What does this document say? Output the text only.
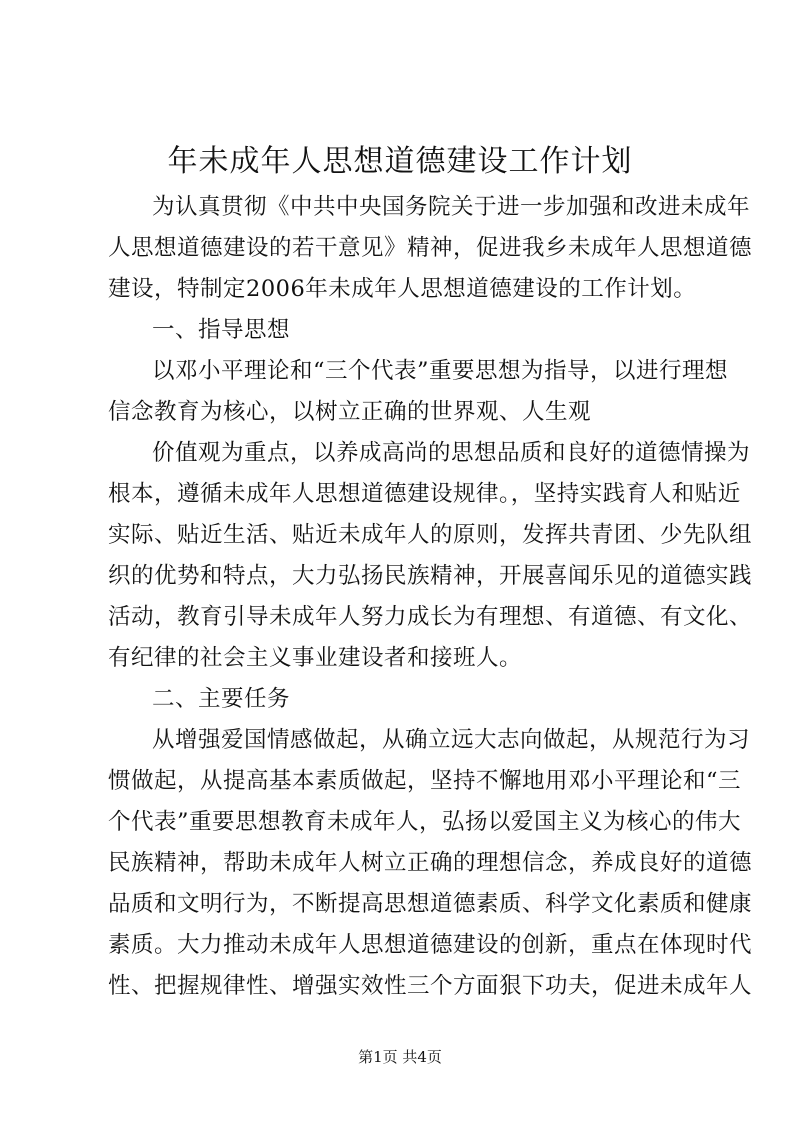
年未成年人思想道德建设工作计划
为认真贯彻《中共中央国务院关于进一步加强和改进未成年
人思想道德建设的若干意见》精神，促进我乡未成年人思想道德
建设，特制定2006年未成年人思想道德建设的工作计划。
一、指导思想
以邓小平理论和“三个代表”重要思想为指导，以进行理想
信念教育为核心，以树立正确的世界观、人生观
价值观为重点，以养成高尚的思想品质和良好的道德情操为
根本，遵循未成年人思想道德建设规律。，坚持实践育人和贴近
实际、贴近生活、贴近未成年人的原则，发挥共青团、少先队组
织的优势和特点，大力弘扬民族精神，开展喜闻乐见的道德实践
活动，教育引导未成年人努力成长为有理想、有道德、有文化、
有纪律的社会主义事业建设者和接班人。
二、主要任务
从增强爱国情感做起，从确立远大志向做起，从规范行为习
惯做起，从提高基本素质做起，坚持不懈地用邓小平理论和“三
个代表”重要思想教育未成年人，弘扬以爱国主义为核心的伟大
民族精神，帮助未成年人树立正确的理想信念，养成良好的道德
品质和文明行为，不断提高思想道德素质、科学文化素质和健康
素质。大力推动未成年人思想道德建设的创新，重点在体现时代
性、把握规律性、增强实效性三个方面狠下功夫，促进未成年人
第1页 共4页
